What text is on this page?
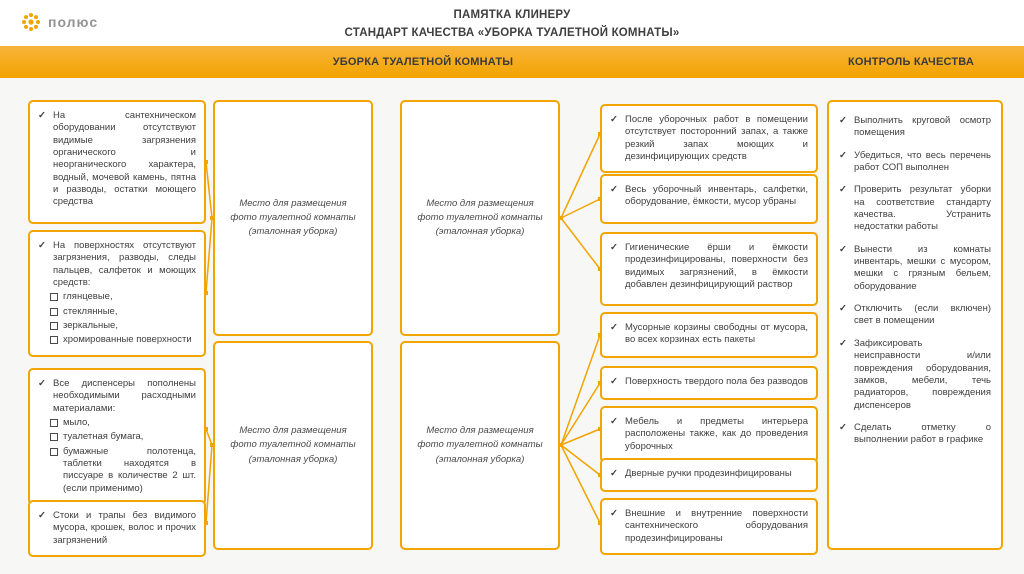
полюс	ПАМЯТКА КЛИНЕРУ
СТАНДАРТ КАЧЕСТВА «УБОРКА ТУАЛЕТНОЙ КОМНАТЫ»
УБОРКА ТУАЛЕТНОЙ КОМНАТЫ	КОНТРОЛЬ КАЧЕСТВА
✓
На сантехническом оборудовании отсутствуют видимые загрязнения органического и неорганического характера, водный, мочевой камень, пятна и разводы, остатки моющего средства
✓
На поверхностях отсутствуют загрязнения, разводы, следы пальцев, салфеток и моющих средств:
глянцевые,
стеклянные,
зеркальные,
хромированные поверхности
✓
Все диспенсеры пополнены необходимыми расходными материалами:
мыло,
туалетная бумага,
бумажные полотенца, таблетки находятся в писсуаре в количестве 2 шт. (если применимо)
✓
Стоки и трапы без видимого мусора, крошек, волос и прочих загрязнений
Место для размещения фото туалетной комнаты (эталонная уборка)
Место для размещения фото туалетной комнаты (эталонная уборка)
Место для размещения фото туалетной комнаты (эталонная уборка)
Место для размещения фото туалетной комнаты (эталонная уборка)
✓
После уборочных работ в помещении отсутствует посторонний запах, а также резкий запах моющих и дезинфицирующих средств
✓
Весь уборочный инвентарь, салфетки, оборудование, ёмкости, мусор убраны
✓
Гигиенические ёрши и ёмкости продезинфицированы, поверхности без видимых загрязнений, в ёмкости добавлен дезинфицирующий раствор
✓
Мусорные корзины свободны от мусора, во всех корзинах есть пакеты
✓
Поверхность твердого пола без разводов
✓
Мебель и предметы интерьера расположены также, как до проведения уборочных
✓
Дверные ручки продезинфицированы
✓
Внешние и внутренние поверхности сантехнического оборудования продезинфицированы
✓
Выполнить круговой осмотр помещения
✓
Убедиться, что весь перечень работ СОП выполнен
✓
Проверить результат уборки на соответствие стандарту качества. Устранить недостатки работы
✓
Вынести из комнаты инвентарь, мешки с мусором, мешки с грязным бельем, оборудование
✓
Отключить (если включен) свет в помещении
✓
Зафиксировать неисправности и/или повреждения оборудования, замков, мебели, течь радиаторов, повреждения диспенсеров
✓
Сделать отметку о выполнении работ в графике
